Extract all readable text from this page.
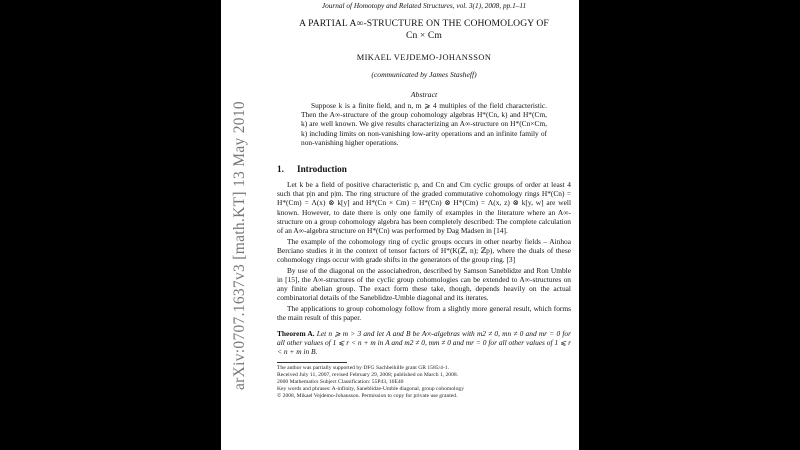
arXiv:0707.1637v3 [math.KT] 13 May 2010
Journal of Homotopy and Related Structures, vol. 3(1), 2008, pp.1–11
A PARTIAL A∞-STRUCTURE ON THE COHOMOLOGY OF
Cn × Cm
MIKAEL VEJDEMO-JOHANSSON
(communicated by James Stasheff)
Abstract

Suppose k is a finite field, and n, m ⩾ 4 multiples of the field characteristic. Then the A∞-structure of the group cohomology algebras H*(Cn, k) and H*(Cm, k) are well known. We give results characterizing an A∞-structure on H*(Cn×Cm, k) including limits on non-vanishing low-arity operations and an infinite family of non-vanishing higher operations.

1. Introduction

Let k be a field of positive characteristic p, and Cn and Cm cyclic groups of order at least 4 such that p|n and p|m. The ring structure of the graded commutative cohomology rings H*(Cn) = H*(Cm) = Λ(x) ⊗ k[y] and H*(Cn × Cm) = H*(Cn) ⊗ H*(Cm) = Λ(x, z) ⊗ k[y, w] are well known. However, to date there is only one family of examples in the literature where an A∞-structure on a group cohomology algebra has been completely described: The complete calculation of an A∞-algebra structure on H*(Cn) was performed by Dag Madsen in [14].

The example of the cohomology ring of cyclic groups occurs in other nearby fields – Ainhoa Berciano studies it in the context of tensor factors of H*(K(ℤ, n); ℤp), where the duals of these cohomology rings occur with grade shifts in the generators of the group ring. [3]

By use of the diagonal on the associahedron, described by Samson Saneblidze and Ron Umble in [15], the A∞-structures of the cyclic group cohomologies can be extended to A∞-structures on any finite abelian group. The exact form these take, though, depends heavily on the actual combinatorial details of the Saneblidze-Umble diagonal and its iterates.

The applications to group cohomology follow from a slightly more general result, which forms the main result of this paper.

Theorem A. Let n ⩾ m > 3 and let A and B be A∞-algebras with m2 ≠ 0, mn ≠ 0 and mr = 0 for all other values of 1 ⩽ r < n + m in A and m2 ≠ 0, mm ≠ 0 and mr = 0 for all other values of 1 ⩽ r < n + m in B.
The author was partially supported by DFG Sachbeihilfe grant GR 1585/4-1.
Received July 11, 2007, revised February 29, 2008; published on March 1, 2008.
2000 Mathematics Subject Classification: 55P43, 16E40
Key words and phrases: A-infinity, Saneblidze-Umble diagonal, group cohomology
© 2008, Mikael Vejdemo-Johansson. Permission to copy for private use granted.
